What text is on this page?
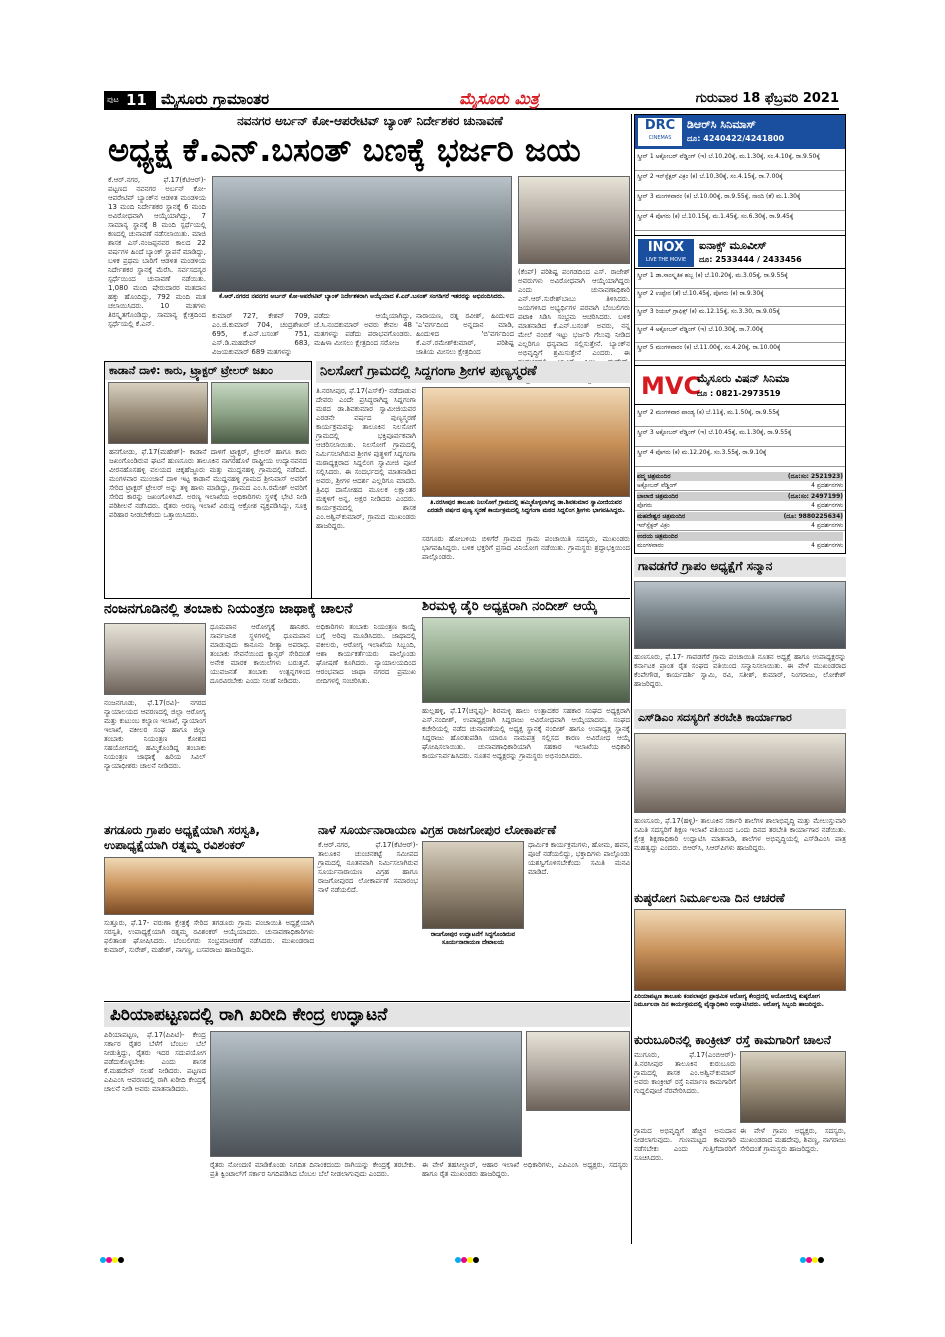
ಪುಟ 11 ಮೈಸೂರು ಗ್ರಾಮಾಂತರ	ಮೈಸೂರು ಮಿತ್ರ	ಗುರುವಾರ 18 ಫೆಬ್ರವರಿ 2021
ನವನಗರ ಅರ್ಬನ್ ಕೋ-ಆಪರೇಟಿವ್ ಬ್ಯಾಂಕ್ ನಿರ್ದೇಶಕರ ಚುನಾವಣೆ
ಅಧ್ಯಕ್ಷ ಕೆ.ಎನ್.ಬಸಂತ್ ಬಣಕ್ಕೆ ಭರ್ಜರಿ ಜಯ
ಕೆ.ಆರ್.ನಗರ, ಫೆ.17(ಕೆಟಿಆರ್)- ಪಟ್ಟಣದ ನವನಗರ ಅರ್ಬನ್ ಕೋ-ಆಪರೇಟಿವ್ ಬ್ಯಾಂಕ್‌ನ ಆಡಳಿತ ಮಂಡಳಿಯ 13 ಮಂದಿ ನಿರ್ದೇಶಕರ ಸ್ಥಾನಕ್ಕೆ 6 ಮಂದಿ ಅವಿರೋಧವಾಗಿ ಆಯ್ಕೆಯಾಗಿದ್ದು, 7 ಸಾಮಾನ್ಯ ಸ್ಥಾನಕ್ಕೆ 8 ಮಂದಿ ಸ್ಪರ್ಧೆಯಲ್ಲಿ ಕಣದಲ್ಲಿ ಚುನಾವಣೆ ನಡೆಸಲಾಯಿತು. ಮಾಜಿ ಶಾಸಕ ಎಸ್.ನಂಜಪ್ಪನವರ ಕಾಲದ 22 ವರ್ಷಗಳ ಹಿಂದೆ ಬ್ಯಾಂಕ್ ಸ್ಥಾಪನೆ ಮಾಡಿದ್ದು, ಬಳಿಕ ಪ್ರಥಮ ಬಾರಿಗೆ ಆಡಳಿತ ಮಂಡಳಿಯ ನಿರ್ದೇಶಕರ ಸ್ಥಾನಕ್ಕೆ ಮೆರೆಸಿ. ಸರ್ವಸದಸ್ಯರ ಸ್ಪರ್ಧೆಯಿಂದ ಚುನಾವಣೆ ನಡೆಯಿತು. 1,080 ಮಂದಿ ಷೇರುದಾರರ ಮತದಾನ ಹಕ್ಕು ಹೊಂದಿದ್ದು, 792 ಮಂದಿ ಮತ ಚಲಾಯಿಸಿದರು. 10 ಮತಗಳು ತಿರಸ್ಕೃತಗೊಂಡಿದ್ದು, ಸಾಮಾನ್ಯ ಕ್ಷೇತ್ರದಿಂದ ಸ್ಪರ್ಧೆಯಲ್ಲಿ ಕೆ.ಎನ್.
ಕೆ.ಆರ್.ನಗರದ ನವನಗರ ಅರ್ಬನ್ ಕೋ-ಆಪರೇಟಿವ್ ಬ್ಯಾಂಕ್ ನಿರ್ದೇಶಕರಾಗಿ ಆಯ್ಕೆಯಾದ ಕೆ.ಎನ್.ಬಸಂತ್ ಸಂಗಡಿಗರೆ ಇತರರನ್ನು ಅಭಿನಂದಿಸಿದರು.
ಕುಮಾರ್ 727, ಕೇಶವ್ 709, ಎಂ.ಜಿ.ಕುಮಾರ್ 704, ಚಂದ್ರಶೇಖರ್ 695, ಕೆ.ಎನ್.ಬಸಂತ್ 751, ಎಸ್.ಡಿ.ಮಹದೇವ್ 683, ವಿಜಯಕುಮಾರ್ 689 ಮತಗಳನ್ನು
ಪಡೆದು ಆಯ್ಕೆಯಾಗಿದ್ದು, ಜೆ.ಸಿ.ನಂದಕುಮಾರ್ ಅವರು ಕೇವಲ 48 ಮತಗಳನ್ನು ಪಡೆದು ಪರಾಭವಗೊಂಡರು. ಮಹಿಳಾ ಮೀಸಲು ಕ್ಷೇತ್ರದಿಂದ ಸರೋಜ
ನಾರಾಯಣ, ರತ್ನ ರವೀಶ್, ಹಿಂದುಳಿದ 'ಎ'ವರ್ಗದಿಂದ ಅನ್ನದಾನ ಮಾಡಿ, ಹಿಂದುಳಿದ 'ಬಿ'ವರ್ಗದಿಂದ ಕೆ.ಎನ್.ರಮೇಶ್‌ಕುಮಾರ್, ಪರಿಶಿಷ್ಟ ಜಾತಿಯ ಮೀಸಲು ಕ್ಷೇತ್ರದಿಂದ
(ಕೆಂಪ್) ಪರಿಶಿಷ್ಟ ಪಂಗಡದಿಂದ ಎಸ್. ರಾಜೇಶ್ ಅವರುಗಳು ಅವಿರೋಧವಾಗಿ ಆಯ್ಕೆಯಾಗಿದ್ದರು ಎಂದು ಚುನಾವಣಾಧಿಕಾರಿ ಎನ್.ಆರ್.ಸುರೇಶ್‌ಬಾಬು ತಿಳಿಸಿದರು. ಜಯಗಳಿಸಿದ ಅಭ್ಯರ್ಥಿಗಳ ಪರವಾಗಿ ಬೆಂಬಲಿಗರು ಪಟಾಕಿ ಸಿಡಿಸಿ ಸಂಭ್ರಮ ಆಚರಿಸಿದರು. ಬಳಿಕ ಮಾತನಾಡಿದ ಕೆ.ಎನ್.ಬಸಂತ್ ಅವರು, ನನ್ನ ಮೇಲೆ ನಂಬಿಕೆ ಇಟ್ಟು ಭರ್ಜರಿ ಗೆಲುವು ನೀಡಿದ ಎಲ್ಲರಿಗೂ ಧನ್ಯವಾದ ಸಲ್ಲಿಸುತ್ತೇನೆ. ಬ್ಯಾಂಕ್‌ನ ಅಭಿವೃದ್ಧಿಗೆ ಶ್ರಮಿಸುತ್ತೇನೆ ಎಂದರು. ಈ
ಕಾಡಾನೆ ದಾಳಿ: ಕಾರು, ಟ್ರ್ಯಾಕ್ಟರ್ ಟ್ರೇಲರ್ ಜಖಂ
ಹನಗೋಡು, ಫೆ.17(ಮಹೇಶ್)- ಕಾಡಾನೆ ದಾಳಿಗೆ ಟ್ರ್ಯಾಕ್ಟರ್, ಟ್ರೇಲರ್ ಹಾಗೂ ಕಾರು ಜಖಂಗೊಂಡಿರುವ ಘಟನೆ ಹುಣಸೂರು ತಾಲೂಕಿನ ನಾಗರಹೊಳೆ ರಾಷ್ಟ್ರೀಯ ಉದ್ಯಾನವನದ ವೀರನಹೊಸಹಳ್ಳಿ ವಲಯದ ಚಿಕ್ಕಹೆಜ್ಜೂರು ಮತ್ತು ಮುದ್ದನಹಳ್ಳಿ ಗ್ರಾಮದಲ್ಲಿ ನಡೆದಿದೆ. ಮಂಗಳವಾರ ಮುಂಜಾನೆ ದಾಳಿ ಇಟ್ಟ ಕಾಡಾನೆ ಮುದ್ದನಹಳ್ಳಿ ಗ್ರಾಮದ ಶ್ರೀನಿವಾಸ್ ಅವರಿಗೆ ಸೇರಿದ ಟ್ರಾಕ್ಟರ್ ಟ್ರೇಲರ್ ಅನ್ನು ತಳ್ಳಿ ಹಾಳು ಮಾಡಿದ್ದು, ಗ್ರಾಮದ ಎಂ.ಸಿ.ರಮೇಶ್ ಅವರಿಗೆ ಸೇರಿದ ಕಾರನ್ನು ಜಖಂಗೊಳಿಸಿದೆ. ಅರಣ್ಯ ಇಲಾಖೆಯ ಅಧಿಕಾರಿಗಳು ಸ್ಥಳಕ್ಕೆ ಭೇಟಿ ನೀಡಿ ಪರಿಶೀಲನೆ ನಡೆಸಿದರು. ರೈತರು ಅರಣ್ಯ ಇಲಾಖೆ ವಿರುದ್ಧ ಆಕ್ರೋಶ ವ್ಯಕ್ತಪಡಿಸಿದ್ದು, ಸೂಕ್ತ ಪರಿಹಾರ ನೀಡಬೇಕೆಂದು ಒತ್ತಾಯಿಸಿದರು.
ನಿಲಸೋಗೆ ಗ್ರಾಮದಲ್ಲಿ ಸಿದ್ದಗಂಗಾ ಶ್ರೀಗಳ ಪುಣ್ಯಸ್ಮರಣೆ
ತಿ.ನರಸೀಪುರ, ಫೆ.17(ಎಸ್‌ಕೆ)- ನಡೆದಾಡುವ ದೇವರು ಎಂದೇ ಪ್ರಸಿದ್ಧರಾಗಿದ್ದ ಸಿದ್ದಗಂಗಾ ಮಠದ ಡಾ.ಶಿವಕುಮಾರ ಸ್ವಾಮೀಜಿಯವರ ಎರಡನೇ ವರ್ಷದ ಪುಣ್ಯಸ್ಮರಣೆ ಕಾರ್ಯಕ್ರಮವನ್ನು ತಾಲೂಕಿನ ನಿಲಸೋಗೆ ಗ್ರಾಮದಲ್ಲಿ ಭಕ್ತಿಪೂರ್ವಕವಾಗಿ ಆಚರಿಸಲಾಯಿತು. ನಿಲಸೋಗೆ ಗ್ರಾಮದಲ್ಲಿ ನಿರ್ಮಿಸಲಾಗಿರುವ ಶ್ರೀಗಳ ಪುತ್ಥಳಿಗೆ ಸಿದ್ದಗಂಗಾ ಮಠಾಧ್ಯಕ್ಷರಾದ ಸಿದ್ದಲಿಂಗ ಸ್ವಾಮೀಜಿ ಪೂಜೆ ಸಲ್ಲಿಸಿದರು. ಈ ಸಂದರ್ಭದಲ್ಲಿ ಮಾತನಾಡಿದ ಅವರು, ಶ್ರೀಗಳ ಆದರ್ಶ ಎಲ್ಲರಿಗೂ ಮಾದರಿ. ತ್ರಿವಿಧ ದಾಸೋಹದ ಮೂಲಕ ಲಕ್ಷಾಂತರ ಮಕ್ಕಳಿಗೆ ಅನ್ನ, ಅಕ್ಷರ ನೀಡಿದರು ಎಂದರು. ಕಾರ್ಯಕ್ರಮದಲ್ಲಿ ಶಾಸಕ ಎಂ.ಅಶ್ವಿನ್‌ಕುಮಾರ್, ಗ್ರಾಮದ ಮುಖಂಡರು ಹಾಜರಿದ್ದರು.
ತಿ.ನರಸೀಪುರ ತಾಲೂಕು ನಿಲಸೋಗೆ ಗ್ರಾಮದಲ್ಲಿ ಹಮ್ಮಿಕೊಳ್ಳಲಾಗಿದ್ದ ಡಾ.ಶಿವಕುಮಾರ ಸ್ವಾಮೀಜಿಯವರ ಎರಡನೇ ವರ್ಷದ ಪುಣ್ಯ ಸ್ಮರಣೆ ಕಾರ್ಯಕ್ರಮದಲ್ಲಿ ಸಿದ್ದಗಂಗಾ ಮಠದ ಸಿದ್ದಲಿಂಗ ಶ್ರೀಗಳು ಭಾಗವಹಿಸಿದ್ದರು.
ಸರಗೂರು ಹೋಬಳಿಯ ಬಿಳಿಗೆರೆ ಗ್ರಾಮದ ಗ್ರಾಮ ಪಂಚಾಯಿತಿ ಸದಸ್ಯರು, ಮುಖಂಡರು ಭಾಗವಹಿಸಿದ್ದರು. ಬಳಿಕ ಭಕ್ತರಿಗೆ ಪ್ರಸಾದ ವಿನಿಯೋಗ ನಡೆಯಿತು. ಗ್ರಾಮಸ್ಥರು ಶ್ರದ್ಧಾಭಕ್ತಿಯಿಂದ ಪಾಲ್ಗೊಂಡರು.
ಶಿರಮಳ್ಳಿ ಡೈರಿ ಅಧ್ಯಕ್ಷರಾಗಿ ನಂದೀಶ್ ಆಯ್ಕೆ
ಹುಲ್ಲಹಳ್ಳಿ, ಫೆ.17(ಚನ್ನಪ್ಪ)- ಶಿರಮಳ್ಳಿ ಹಾಲು ಉತ್ಪಾದಕರ ಸಹಕಾರ ಸಂಘದ ಅಧ್ಯಕ್ಷರಾಗಿ ಎಸ್.ನಂದೀಶ್, ಉಪಾಧ್ಯಕ್ಷರಾಗಿ ಸಿದ್ದರಾಜು ಅವಿರೋಧವಾಗಿ ಆಯ್ಕೆಯಾದರು. ಸಂಘದ ಕಚೇರಿಯಲ್ಲಿ ನಡೆದ ಚುನಾವಣೆಯಲ್ಲಿ ಅಧ್ಯಕ್ಷ ಸ್ಥಾನಕ್ಕೆ ನಂದೀಶ್ ಹಾಗೂ ಉಪಾಧ್ಯಕ್ಷ ಸ್ಥಾನಕ್ಕೆ ಸಿದ್ದರಾಜು ಹೊರತುಪಡಿಸಿ ಯಾರೂ ನಾಮಪತ್ರ ಸಲ್ಲಿಸದ ಕಾರಣ ಅವಿರೋಧ ಆಯ್ಕೆ ಘೋಷಿಸಲಾಯಿತು. ಚುನಾವಣಾಧಿಕಾರಿಯಾಗಿ ಸಹಕಾರ ಇಲಾಖೆಯ ಅಧಿಕಾರಿ ಕಾರ್ಯನಿರ್ವಹಿಸಿದರು. ನೂತನ ಅಧ್ಯಕ್ಷರನ್ನು ಗ್ರಾಮಸ್ಥರು ಅಭಿನಂದಿಸಿದರು.
ನಂಜನಗೂಡಿನಲ್ಲಿ ತಂಬಾಕು ನಿಯಂತ್ರಣ ಜಾಥಾಕ್ಕೆ ಚಾಲನೆ
ನಂಜನಗೂಡು, ಫೆ.17(ರವಿ)- ನಗರದ ನ್ಯಾಯಾಲಯದ ಆವರಣದಲ್ಲಿ ಜಿಲ್ಲಾ ಆರೋಗ್ಯ ಮತ್ತು ಕುಟುಂಬ ಕಲ್ಯಾಣ ಇಲಾಖೆ, ನ್ಯಾಯಾಂಗ ಇಲಾಖೆ, ವಕೀಲರ ಸಂಘ ಹಾಗೂ ಜಿಲ್ಲಾ ತಂಬಾಕು ನಿಯಂತ್ರಣ ಕೋಶದ ಸಹಯೋಗದಲ್ಲಿ ಹಮ್ಮಿಕೊಂಡಿದ್ದ ತಂಬಾಕು ನಿಯಂತ್ರಣ ಜಾಥಾಕ್ಕೆ ಹಿರಿಯ ಸಿವಿಲ್ ನ್ಯಾಯಾಧೀಶರು ಚಾಲನೆ ನೀಡಿದರು.
ಧೂಮಪಾನ ಆರೋಗ್ಯಕ್ಕೆ ಹಾನಿಕರ. ಸಾರ್ವಜನಿಕ ಸ್ಥಳಗಳಲ್ಲಿ ಧೂಮಪಾನ ಮಾಡುವುದು ಕಾನೂನು ರೀತ್ಯಾ ಅಪರಾಧ. ತಂಬಾಕು ಸೇವನೆಯಿಂದ ಕ್ಯಾನ್ಸರ್ ಸೇರಿದಂತೆ ಅನೇಕ ಮಾರಕ ಕಾಯಿಲೆಗಳು ಬರುತ್ತವೆ. ಯುವಜನತೆ ತಂಬಾಕು ಉತ್ಪನ್ನಗಳಿಂದ ದೂರವಿರಬೇಕು ಎಂದು ಸಲಹೆ ನೀಡಿದರು.
ಅಧಿಕಾರಿಗಳು ತಂಬಾಕು ನಿಯಂತ್ರಣ ಕಾಯ್ದೆ ಬಗ್ಗೆ ಅರಿವು ಮೂಡಿಸಿದರು. ಜಾಥಾದಲ್ಲಿ ವಕೀಲರು, ಆರೋಗ್ಯ ಇಲಾಖೆಯ ಸಿಬ್ಬಂದಿ, ಆಶಾ ಕಾರ್ಯಕರ್ತೆಯರು ಪಾಲ್ಗೊಂಡು ಘೋಷಣೆ ಕೂಗಿದರು. ನ್ಯಾಯಾಲಯದಿಂದ ಆರಂಭವಾದ ಜಾಥಾ ನಗರದ ಪ್ರಮುಖ ಬೀದಿಗಳಲ್ಲಿ ಸಂಚರಿಸಿತು.
ತಗಡೂರು ಗ್ರಾಪಂ ಅಧ್ಯಕ್ಷೆಯಾಗಿ ಸರಸ್ವತಿ, ಉಪಾಧ್ಯಕ್ಷೆಯಾಗಿ ರತ್ನಮ್ಮ ರವಿಶಂಕರ್
ಸುತ್ತೂರು, ಫೆ.17- ವರುಣಾ ಕ್ಷೇತ್ರಕ್ಕೆ ಸೇರಿದ ತಗಡೂರು ಗ್ರಾಮ ಪಂಚಾಯಿತಿ ಅಧ್ಯಕ್ಷೆಯಾಗಿ ಸರಸ್ವತಿ, ಉಪಾಧ್ಯಕ್ಷೆಯಾಗಿ ರತ್ನಮ್ಮ ರವಿಶಂಕರ್ ಆಯ್ಕೆಯಾದರು. ಚುನಾವಣಾಧಿಕಾರಿಗಳು ಫಲಿತಾಂಶ ಘೋಷಿಸಿದರು. ಬೆಂಬಲಿಗರು ಸಂಭ್ರಮಾಚರಣೆ ನಡೆಸಿದರು. ಮುಖಂಡರಾದ ಕುಮಾರ್, ಸುರೇಶ್, ಮಹೇಶ್, ನಾಗಣ್ಣ, ಬಸವರಾಜು ಹಾಜರಿದ್ದರು.
ನಾಳೆ ಸೂರ್ಯನಾರಾಯಣ ವಿಗ್ರಹ ರಾಜಗೋಪುರ ಲೋಕಾರ್ಪಣೆ
ರಾಜಗೋಪುರ ಉದ್ಘಾಟನೆಗೆ ಸಿದ್ಧಗೊಂಡಿರುವ ಸೂರ್ಯನಾರಾಯಣ ದೇವಾಲಯ
ಕೆ.ಆರ್.ನಗರ, ಫೆ.17(ಕೆಟಿಆರ್)- ತಾಲೂಕಿನ ಚುಂಚನಕಟ್ಟೆ ಸಮೀಪದ ಗ್ರಾಮದಲ್ಲಿ ನೂತನವಾಗಿ ನಿರ್ಮಿಸಲಾಗಿರುವ ಸೂರ್ಯನಾರಾಯಣ ವಿಗ್ರಹ ಹಾಗೂ ರಾಜಗೋಪುರದ ಲೋಕಾರ್ಪಣೆ ಸಮಾರಂಭ ನಾಳೆ ನಡೆಯಲಿದೆ.
ಧಾರ್ಮಿಕ ಕಾರ್ಯಕ್ರಮಗಳು, ಹೋಮ, ಹವನ, ಪೂಜೆ ನಡೆಯಲಿದ್ದು, ಭಕ್ತಾದಿಗಳು ಪಾಲ್ಗೊಂಡು ಯಶಸ್ವಿಗೊಳಿಸಬೇಕೆಂದು ಸಮಿತಿ ಮನವಿ ಮಾಡಿದೆ.
ಪಿರಿಯಾಪಟ್ಟಣದಲ್ಲಿ ರಾಗಿ ಖರೀದಿ ಕೇಂದ್ರ ಉದ್ಘಾಟನೆ
ಪಿರಿಯಾಪಟ್ಟಣ, ಫೆ.17(ಪಿಪಿಟಿ)- ಕೇಂದ್ರ ಸರ್ಕಾರ ರೈತರ ಬೆಳೆಗೆ ಬೆಂಬಲ ಬೆಲೆ ನೀಡುತ್ತಿದ್ದು, ರೈತರು ಇದರ ಸದುಪಯೋಗ ಪಡೆದುಕೊಳ್ಳಬೇಕು ಎಂದು ಶಾಸಕ ಕೆ.ಮಹದೇವ್ ಸಲಹೆ ನೀಡಿದರು. ಪಟ್ಟಣದ ಎಪಿಎಂಸಿ ಆವರಣದಲ್ಲಿ ರಾಗಿ ಖರೀದಿ ಕೇಂದ್ರಕ್ಕೆ ಚಾಲನೆ ನೀಡಿ ಅವರು ಮಾತನಾಡಿದರು.
ರೈತರು ನೋಂದಣಿ ಮಾಡಿಕೊಂಡು ನಿಗದಿತ ದಿನಾಂಕದಂದು ರಾಗಿಯನ್ನು ಕೇಂದ್ರಕ್ಕೆ ತರಬೇಕು. ಪ್ರತಿ ಕ್ವಿಂಟಾಲ್‌ಗೆ ಸರ್ಕಾರ ನಿಗದಿಪಡಿಸಿದ ಬೆಂಬಲ ಬೆಲೆ ನೀಡಲಾಗುವುದು ಎಂದರು.
ಈ ವೇಳೆ ತಹಸೀಲ್ದಾರ್, ಆಹಾರ ಇಲಾಖೆ ಅಧಿಕಾರಿಗಳು, ಎಪಿಎಂಸಿ ಅಧ್ಯಕ್ಷರು, ಸದಸ್ಯರು ಹಾಗೂ ರೈತ ಮುಖಂಡರು ಹಾಜರಿದ್ದರು.
DRC
CINEMAS
ಡಿಆರ್‌ಸಿ ಸಿನಿಮಾಸ್
ದೂ: 4240422/4241800
ಸ್ಕ್ರೀನ್ 1 ಅಕ್ಟೋಬರ್ ವೆಡ್ಡಿಂಗ್ (ಇ) ಬೆ.10.20ಕ್ಕೆ, ಮ.1.30ಕ್ಕೆ, ಸಂ.4.10ಕ್ಕೆ, ರಾ.9.50ಕ್ಕೆ
ಸ್ಕ್ರೀನ್ 2 ಇನ್‌ಸ್ಪೆಕ್ಟರ್ ವಿಕ್ರಂ (ಕ) ಬೆ.10.30ಕ್ಕೆ, ಸಂ.4.15ಕ್ಕೆ, ರಾ.7.00ಕ್ಕೆ
ಸ್ಕ್ರೀನ್ 3 ಮಂಗಳವಾರಂ (ಕ) ಬೆ.10.00ಕ್ಕೆ, ರಾ.9.55ಕ್ಕೆ, ನಾಂದಿ (ತೆ) ಮ.1.30ಕ್ಕೆ
ಸ್ಕ್ರೀನ್ 4 ಪೊಗರು (ಕ) ಬೆ.10.15ಕ್ಕೆ, ಮ.1.45ಕ್ಕೆ, ಸಂ.6.30ಕ್ಕೆ, ರಾ.9.45ಕ್ಕೆ
INOX
LIVE THE MOVIE
ಐನಾಕ್ಸ್ ಮೂವೀಸ್
ದೂ: 2533444 / 2433456
ಸ್ಕ್ರೀನ್ 1 ಡಾ.ಸಾಂಸ್ಕೃತಿಕ ಹಬ್ಬ (ಕ) ಬೆ.10.20ಕ್ಕೆ, ಮ.3.05ಕ್ಕೆ, ರಾ.9.55ಕ್ಕೆ
ಸ್ಕ್ರೀನ್ 2 ಉಪ್ಪೇನ (ತೆ) ಬೆ.10.45ಕ್ಕೆ, ಪೊಗರು (ಕ) ರಾ.9.30ಕ್ಕೆ
ಸ್ಕ್ರೀನ್ 3 ರಿಯಲ್ ಗ್ರಾಫಿಕ್ಸ್ (ಕ) ಮ.12.15ಕ್ಕೆ, ಸಂ.3.30, ರಾ.9.05ಕ್ಕೆ
ಸ್ಕ್ರೀನ್ 4 ಅಕ್ಟೋಬರ್ ವೆಡ್ಡಿಂಗ್ (ಇ) ಬೆ.10.30ಕ್ಕೆ, ರಾ.7.00ಕ್ಕೆ
ಸ್ಕ್ರೀನ್ 5 ಮಂಗಳವಾರಂ (ಕ) ಬೆ.11.00ಕ್ಕೆ, ಸಂ.4.20ಕ್ಕೆ, ರಾ.10.00ಕ್ಕೆ
MVC
ಮೈಸೂರು ವಿಷನ್ ಸಿನಿಮಾ
ದೂ : 0821-2973519
ಸ್ಕ್ರೀನ್ 2 ಮಂಗಳವಾರ ಪಾಂಡ್ಯ (ಕ) ಬೆ.11ಕ್ಕೆ, ಮ.1.50ಕ್ಕೆ, ರಾ.9.55ಕ್ಕೆ
ಸ್ಕ್ರೀನ್ 3 ಅಕ್ಟೋಬರ್ ವೆಡ್ಡಿಂಗ್ (ಇ) ಬೆ.10.45ಕ್ಕೆ, ಮ.1.30ಕ್ಕೆ, ರಾ.9.55ಕ್ಕೆ
ಸ್ಕ್ರೀನ್ 4 ಪೊಗರು (ಕ) ಮ.12.20ಕ್ಕೆ, ಸಂ.3.55ಕ್ಕೆ, ರಾ.9.10ಕ್ಕೆ
ಪದ್ಮ ಚಿತ್ರಮಂದಿರ	(ದೂ:ಸಂ: 2521923)
ಅಕ್ಟೋಬರ್ ವೆಡ್ಡಿಂಗ್	4 ಪ್ರದರ್ಶನಗಳು
ಬಾಲಾಜಿ ಚಿತ್ರಮಂದಿರ	(ದೂ:ಸಂ: 2497199)
ಪೊಗರು	4 ಪ್ರದರ್ಶನಗಳು
ಮಹದೇಶ್ವರ ಚಿತ್ರಮಂದಿರ	(ದೂ: 9880225634)
ಇನ್‌ಸ್ಪೆಕ್ಟರ್ ವಿಕ್ರಂ	4 ಪ್ರದರ್ಶನಗಳು
ಉದಯ ಚಿತ್ರಮಂದಿರ
ಮಂಗಳವಾರಂ	4 ಪ್ರದರ್ಶನಗಳು
ಗಾವಡಗೆರೆ ಗ್ರಾಪಂ ಅಧ್ಯಕ್ಷೆಗೆ ಸನ್ಮಾನ
ಹುಣಸೂರು, ಫೆ.17- ಗಾವಡಗೆರೆ ಗ್ರಾಮ ಪಂಚಾಯಿತಿ ನೂತನ ಅಧ್ಯಕ್ಷೆ ಹಾಗೂ ಉಪಾಧ್ಯಕ್ಷರನ್ನು ಕರ್ನಾಟಕ ಪ್ರಾಂತ ರೈತ ಸಂಘದ ವತಿಯಿಂದ ಸನ್ಮಾನಿಸಲಾಯಿತು. ಈ ವೇಳೆ ಮುಖಂಡರಾದ ಕೆಂಪೇಗೌಡ, ಕಾರ್ಯದರ್ಶಿ ಸ್ವಾಮಿ, ರವಿ, ಸತೀಶ್, ಕುಮಾರ್, ನಿಂಗರಾಜು, ಲೋಕೇಶ್ ಹಾಜರಿದ್ದರು.
ಎಸ್‌ಡಿಎಂ ಸದಸ್ಯರಿಗೆ ತರಬೇತಿ ಕಾರ್ಯಾಗಾರ
ಹುಣಸೂರು, ಫೆ.17(ಹಳ್ಳಿ)- ತಾಲೂಕಿನ ಸರ್ಕಾರಿ ಶಾಲೆಗಳ ಶಾಲಾಭಿವೃದ್ಧಿ ಮತ್ತು ಮೇಲುಸ್ತುವಾರಿ ಸಮಿತಿ ಸದಸ್ಯರಿಗೆ ಶಿಕ್ಷಣ ಇಲಾಖೆ ವತಿಯಿಂದ ಒಂದು ದಿನದ ತರಬೇತಿ ಕಾರ್ಯಾಗಾರ ನಡೆಯಿತು. ಕ್ಷೇತ್ರ ಶಿಕ್ಷಣಾಧಿಕಾರಿ ಉದ್ಘಾಟಿಸಿ ಮಾತನಾಡಿ, ಶಾಲೆಗಳ ಅಭಿವೃದ್ಧಿಯಲ್ಲಿ ಎಸ್‌ಡಿಎಂಸಿ ಪಾತ್ರ ಮಹತ್ವದ್ದು ಎಂದರು. ಬಿಆರ್‌ಸಿ, ಸಿಆರ್‌ಪಿಗಳು ಹಾಜರಿದ್ದರು.
ಕುಷ್ಠರೋಗ ನಿರ್ಮೂಲನಾ ದಿನ ಆಚರಣೆ
ಪಿರಿಯಾಪಟ್ಟಣ ತಾಲೂಕು ಕಂಪಲಾಪುರ ಪ್ರಾಥಮಿಕ ಆರೋಗ್ಯ ಕೇಂದ್ರದಲ್ಲಿ ಆಯೋಜಿಸಿದ್ದ ಕುಷ್ಠರೋಗ ನಿರ್ಮೂಲನಾ ದಿನ ಕಾರ್ಯಕ್ರಮದಲ್ಲಿ ವೈದ್ಯಾಧಿಕಾರಿ ಉದ್ಘಾಟಿಸಿದರು. ಆರೋಗ್ಯ ಸಿಬ್ಬಂದಿ ಹಾಜರಿದ್ದರು.
ಕುರುಬೂರಿನಲ್ಲಿ ಕಾಂಕ್ರೀಟ್ ರಸ್ತೆ ಕಾಮಗಾರಿಗೆ ಚಾಲನೆ
ಮುಗೂರು, ಫೆ.17(ಎಂಬಿಆರ್)- ತಿ.ನರಸೀಪುರ ತಾಲೂಕಿನ ಕುರುಬೂರು ಗ್ರಾಮದಲ್ಲಿ ಶಾಸಕ ಎಂ.ಅಶ್ವಿನ್‌ಕುಮಾರ್ ಅವರು ಕಾಂಕ್ರೀಟ್ ರಸ್ತೆ ನಿರ್ಮಾಣ ಕಾಮಗಾರಿಗೆ ಗುದ್ದಲಿಪೂಜೆ ನೆರವೇರಿಸಿದರು.
ಗ್ರಾಮದ ಅಭಿವೃದ್ಧಿಗೆ ಹೆಚ್ಚಿನ ಅನುದಾನ ನೀಡಲಾಗುವುದು. ಗುಣಮಟ್ಟದ ಕಾಮಗಾರಿ ನಡೆಸಬೇಕು ಎಂದು ಗುತ್ತಿಗೆದಾರರಿಗೆ ಸೂಚಿಸಿದರು.
ಈ ವೇಳೆ ಗ್ರಾಪಂ ಅಧ್ಯಕ್ಷರು, ಸದಸ್ಯರು, ಮುಖಂಡರಾದ ಮಹದೇವು, ಶಿವಣ್ಣ, ನಾಗರಾಜು ಸೇರಿದಂತೆ ಗ್ರಾಮಸ್ಥರು ಹಾಜರಿದ್ದರು.
